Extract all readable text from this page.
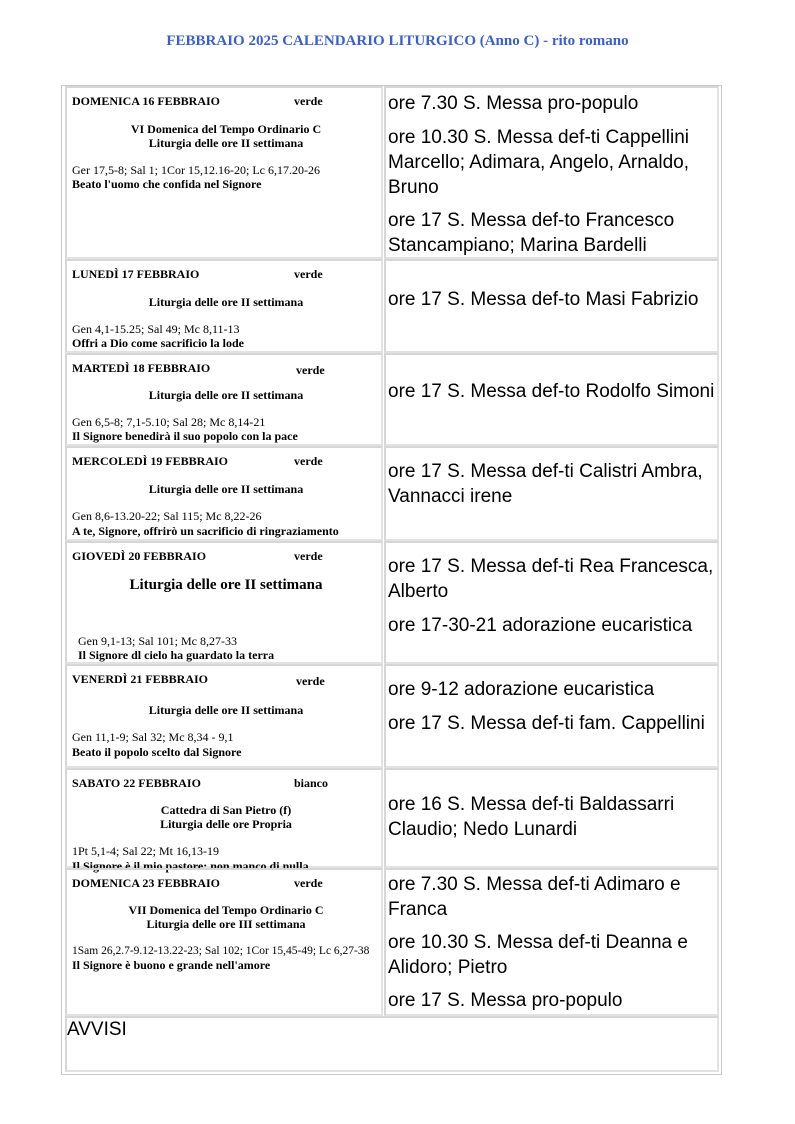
FEBBRAIO 2025 CALENDARIO LITURGICO (Anno C) - rito romano
DOMENICA 16 FEBBRAIO	verde
VI Domenica del Tempo Ordinario C
Liturgia delle ore II settimana
Ger 17,5-8; Sal 1; 1Cor 15,12.16-20; Lc 6,17.20-26
Beato l'uomo che confida nel Signore
ore 7.30 S. Messa pro-populo
ore 10.30 S. Messa def-ti Cappellini Marcello; Adimara, Angelo, Arnaldo, Bruno
ore 17 S. Messa def-to Francesco Stancampiano; Marina Bardelli
LUNEDÌ 17 FEBBRAIO	verde
Liturgia delle ore II settimana
Gen 4,1-15.25; Sal 49; Mc 8,11-13
Offri a Dio come sacrificio la lode
ore 17 S. Messa def-to Masi Fabrizio
MARTEDÌ 18 FEBBRAIO	verde
Liturgia delle ore II settimana
Gen 6,5-8; 7,1-5.10; Sal 28; Mc 8,14-21
Il Signore benedirà il suo popolo con la pace
ore 17 S. Messa def-to Rodolfo Simoni
MERCOLEDÌ 19 FEBBRAIO	verde
Liturgia delle ore II settimana
Gen 8,6-13.20-22; Sal 115; Mc 8,22-26
A te, Signore, offrirò un sacrificio di ringraziamento
ore 17 S. Messa def-ti Calistri Ambra, Vannacci irene
GIOVEDÌ 20 FEBBRAIO	verde
Liturgia delle ore II settimana
Gen 9,1-13; Sal 101; Mc 8,27-33
Il Signore dl cielo ha guardato la terra
ore 17 S. Messa def-ti Rea Francesca, Alberto
ore 17-30-21 adorazione eucaristica
VENERDÌ 21 FEBBRAIO	verde
Liturgia delle ore II settimana
Gen 11,1-9; Sal 32; Mc 8,34 - 9,1
Beato il popolo scelto dal Signore
ore 9-12 adorazione eucaristica
ore 17 S. Messa def-ti fam. Cappellini
SABATO 22 FEBBRAIO	bianco
Cattedra di San Pietro (f)
Liturgia delle ore Propria
1Pt 5,1-4; Sal 22; Mt 16,13-19
Il Signore è il mio pastore: non manco di nulla
ore 16 S. Messa def-ti Baldassarri Claudio; Nedo Lunardi
DOMENICA 23 FEBBRAIO	verde
VII Domenica del Tempo Ordinario C
Liturgia delle ore III settimana
1Sam 26,2.7-9.12-13.22-23; Sal 102; 1Cor 15,45-49; Lc 6,27-38
Il Signore è buono e grande nell'amore
ore 7.30 S. Messa def-ti Adimaro e Franca
ore 10.30 S. Messa def-ti Deanna e Alidoro; Pietro
ore 17 S. Messa pro-populo
AVVISI
